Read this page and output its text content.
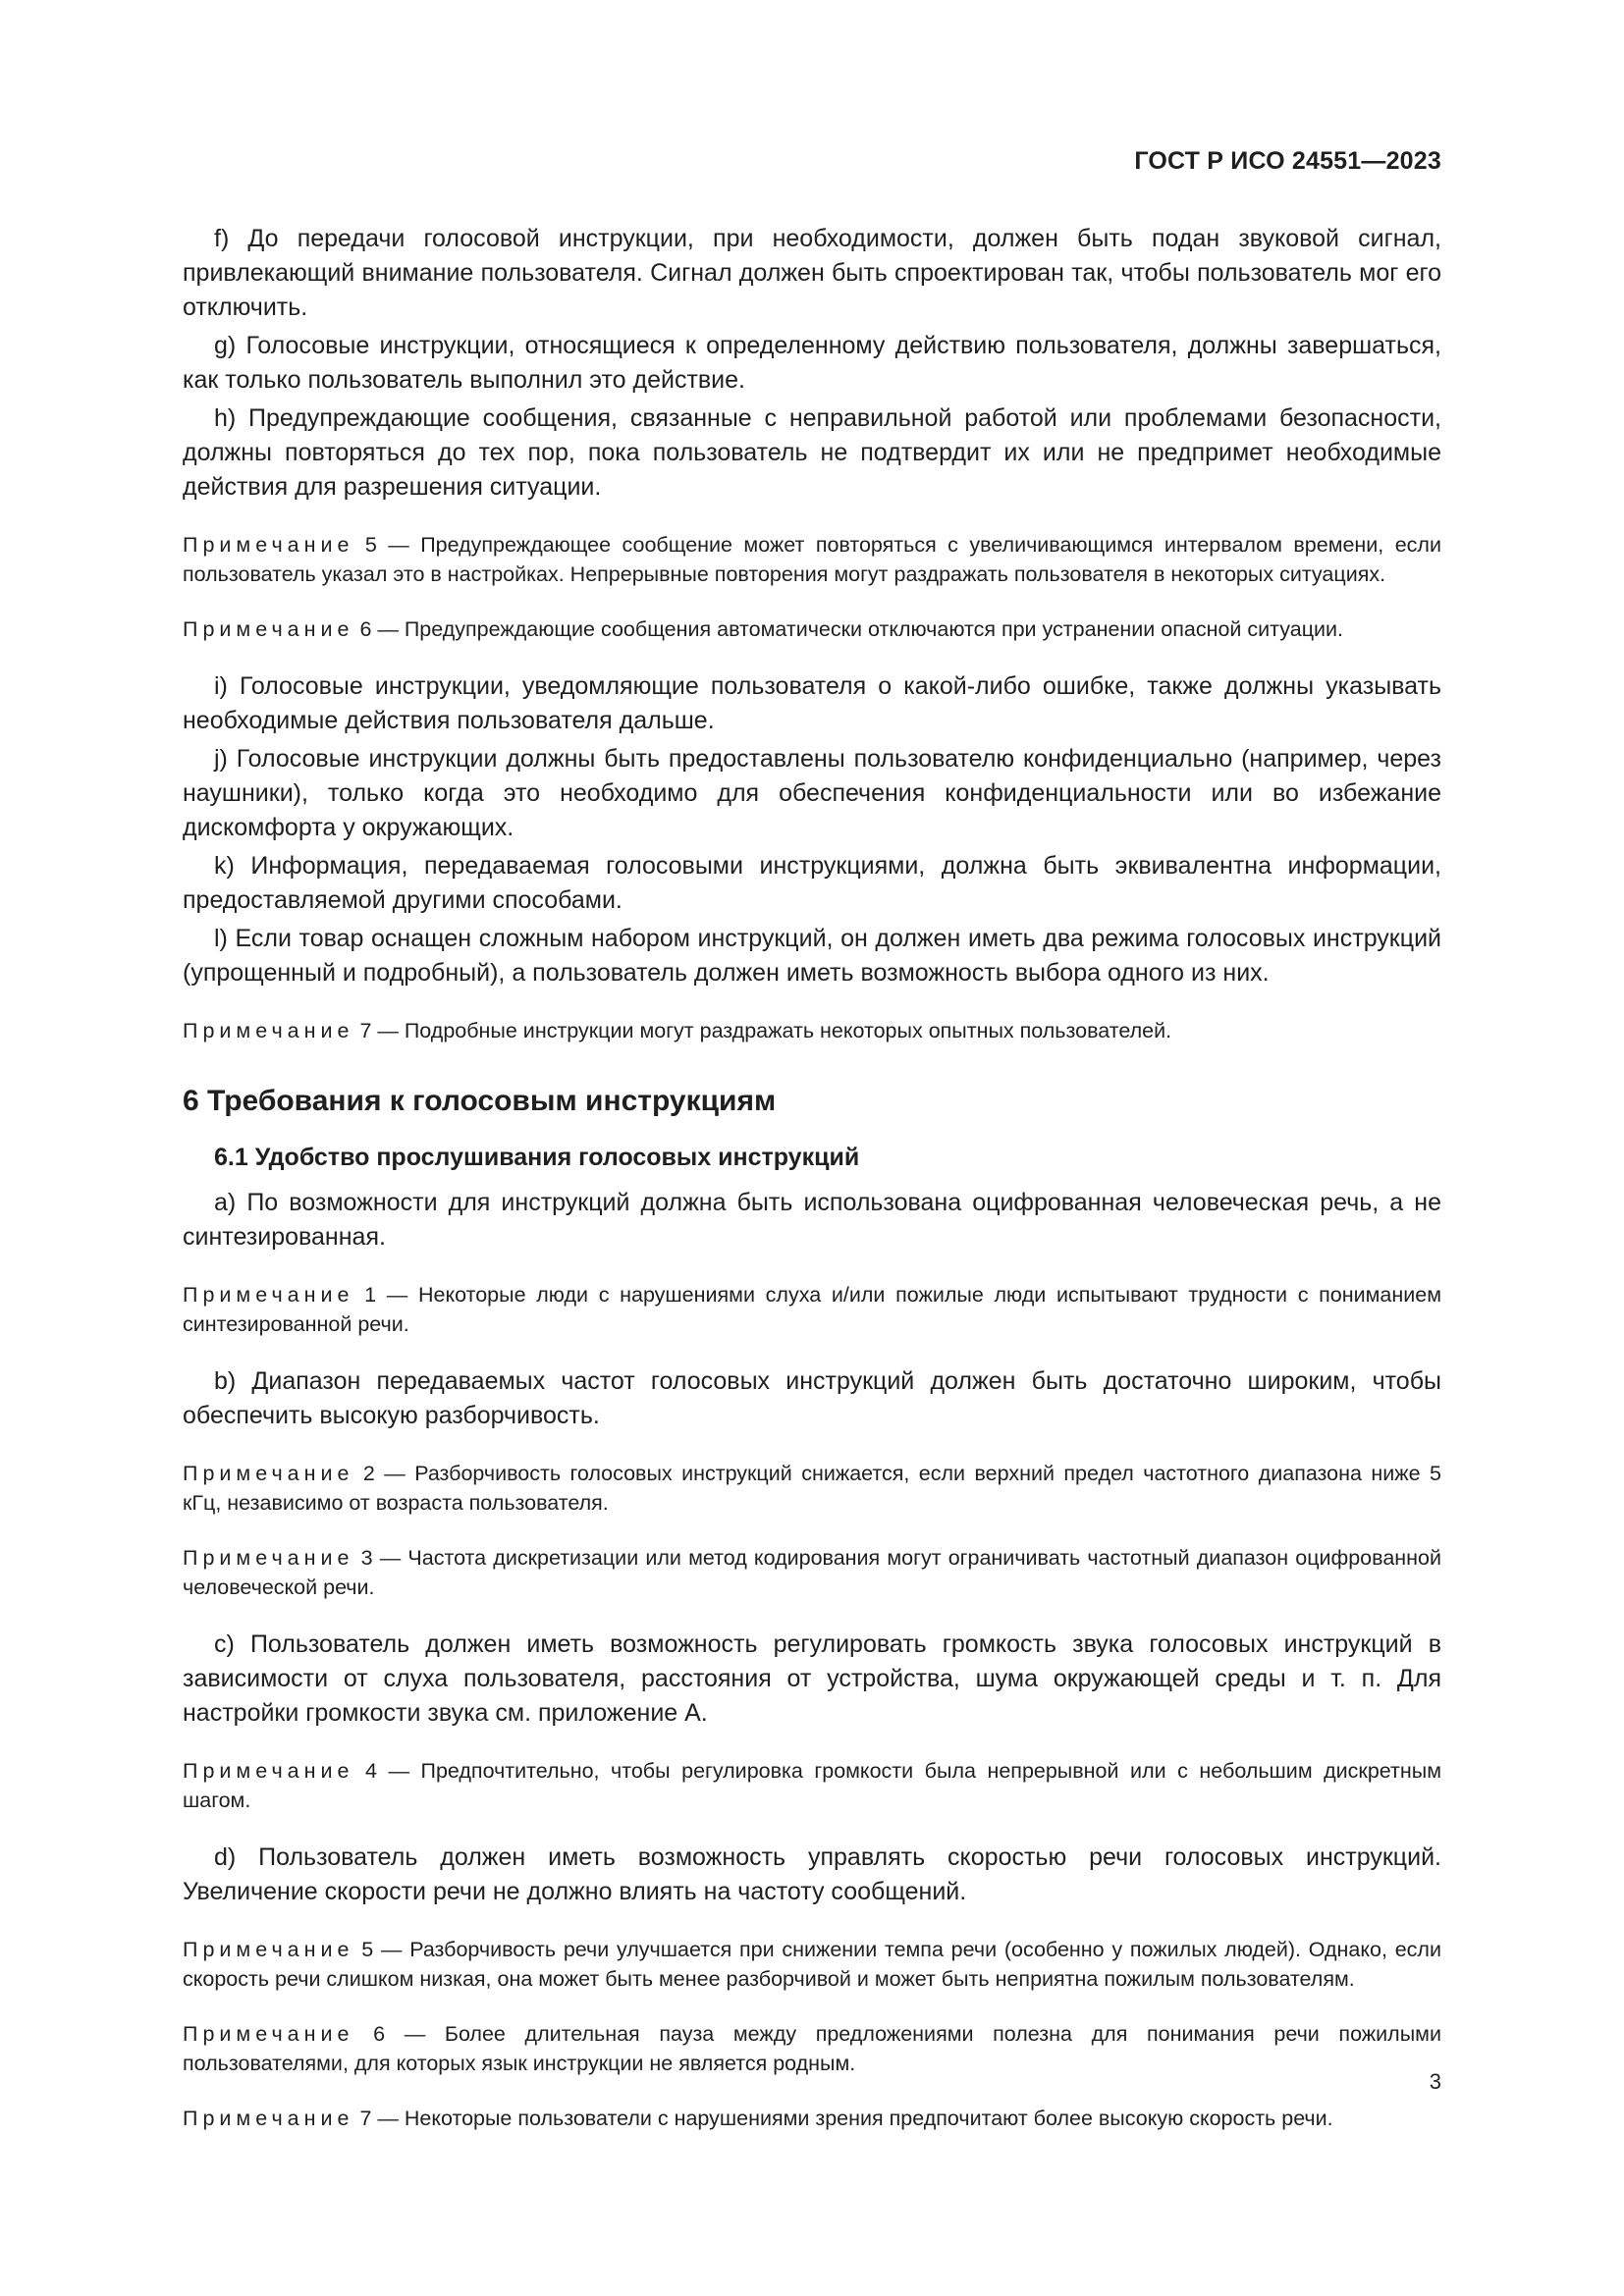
ГОСТ Р ИСО 24551—2023

f) До передачи голосовой инструкции, при необходимости, должен быть подан звуковой сигнал, привлекающий внимание пользователя. Сигнал должен быть спроектирован так, чтобы пользователь мог его отключить.

g) Голосовые инструкции, относящиеся к определенному действию пользователя, должны завершаться, как только пользователь выполнил это действие.

h) Предупреждающие сообщения, связанные с неправильной работой или проблемами безопасности, должны повторяться до тех пор, пока пользователь не подтвердит их или не предпримет необходимые действия для разрешения ситуации.

Примечание 5 — Предупреждающее сообщение может повторяться с увеличивающимся интервалом времени, если пользователь указал это в настройках. Непрерывные повторения могут раздражать пользователя в некоторых ситуациях.

Примечание 6 — Предупреждающие сообщения автоматически отключаются при устранении опасной ситуации.

i) Голосовые инструкции, уведомляющие пользователя о какой-либо ошибке, также должны указывать необходимые действия пользователя дальше.

j) Голосовые инструкции должны быть предоставлены пользователю конфиденциально (например, через наушники), только когда это необходимо для обеспечения конфиденциальности или во избежание дискомфорта у окружающих.

k) Информация, передаваемая голосовыми инструкциями, должна быть эквивалентна информации, предоставляемой другими способами.

l) Если товар оснащен сложным набором инструкций, он должен иметь два режима голосовых инструкций (упрощенный и подробный), а пользователь должен иметь возможность выбора одного из них.

Примечание 7 — Подробные инструкции могут раздражать некоторых опытных пользователей.

6 Требования к голосовым инструкциям
6.1 Удобство прослушивания голосовых инструкций

a) По возможности для инструкций должна быть использована оцифрованная человеческая речь, а не синтезированная.

Примечание 1 — Некоторые люди с нарушениями слуха и/или пожилые люди испытывают трудности с пониманием синтезированной речи.

b) Диапазон передаваемых частот голосовых инструкций должен быть достаточно широким, чтобы обеспечить высокую разборчивость.

Примечание 2 — Разборчивость голосовых инструкций снижается, если верхний предел частотного диапазона ниже 5 кГц, независимо от возраста пользователя.

Примечание 3 — Частота дискретизации или метод кодирования могут ограничивать частотный диапазон оцифрованной человеческой речи.

c) Пользователь должен иметь возможность регулировать громкость звука голосовых инструкций в зависимости от слуха пользователя, расстояния от устройства, шума окружающей среды и т. п. Для настройки громкости звука см. приложение А.

Примечание 4 — Предпочтительно, чтобы регулировка громкости была непрерывной или с небольшим дискретным шагом.

d) Пользователь должен иметь возможность управлять скоростью речи голосовых инструкций. Увеличение скорости речи не должно влиять на частоту сообщений.

Примечание 5 — Разборчивость речи улучшается при снижении темпа речи (особенно у пожилых людей). Однако, если скорость речи слишком низкая, она может быть менее разборчивой и может быть неприятна пожилым пользователям.

Примечание 6 — Более длительная пауза между предложениями полезна для понимания речи пожилыми пользователями, для которых язык инструкции не является родным.

Примечание 7 — Некоторые пользователи с нарушениями зрения предпочитают более высокую скорость речи.

3
